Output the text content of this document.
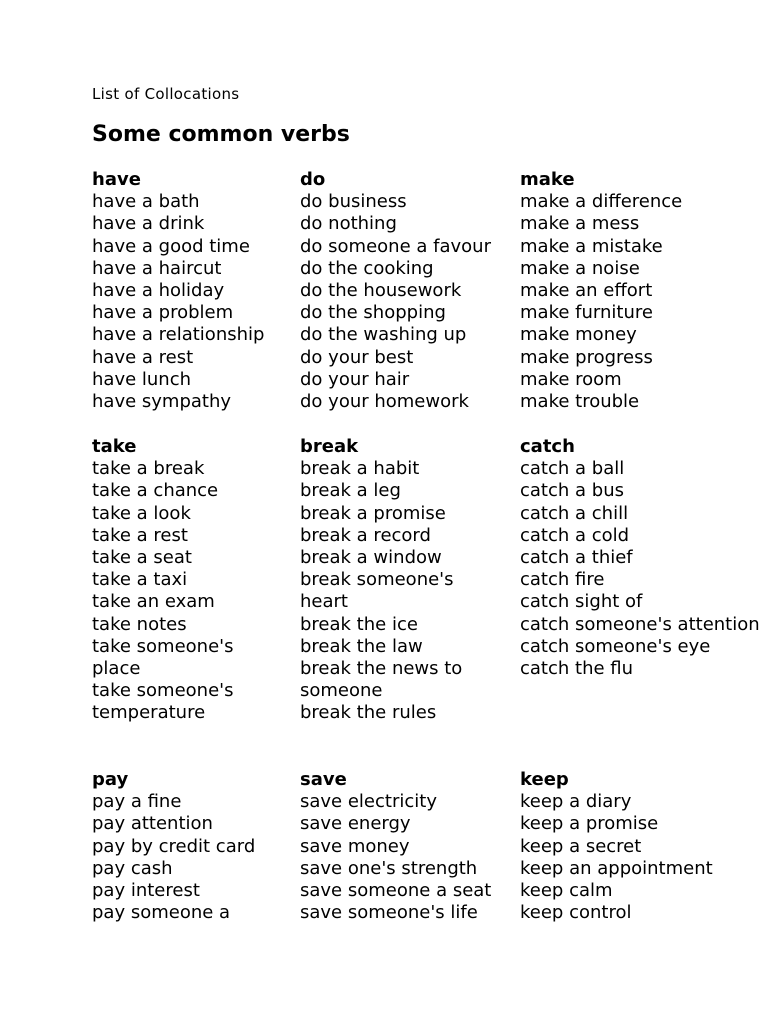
List of Collocations
Some common verbs
have
have a bath
have a drink
have a good time
have a haircut
have a holiday
have a problem
have a relationship
have a rest
have lunch
have sympathy
do
do business
do nothing
do someone a favour
do the cooking
do the housework
do the shopping
do the washing up
do your best
do your hair
do your homework
make
make a difference
make a mess
make a mistake
make a noise
make an effort
make furniture
make money
make progress
make room
make trouble
take
take a break
take a chance
take a look
take a rest
take a seat
take a taxi
take an exam
take notes
take someone's
place
take someone's
temperature
break
break a habit
break a leg
break a promise
break a record
break a window
break someone's
heart
break the ice
break the law
break the news to
someone
break the rules
catch
catch a ball
catch a bus
catch a chill
catch a cold
catch a thief
catch fire
catch sight of
catch someone's attention
catch someone's eye
catch the flu
pay
pay a fine
pay attention
pay by credit card
pay cash
pay interest
pay someone a
save
save electricity
save energy
save money
save one's strength
save someone a seat
save someone's life
keep
keep a diary
keep a promise
keep a secret
keep an appointment
keep calm
keep control
